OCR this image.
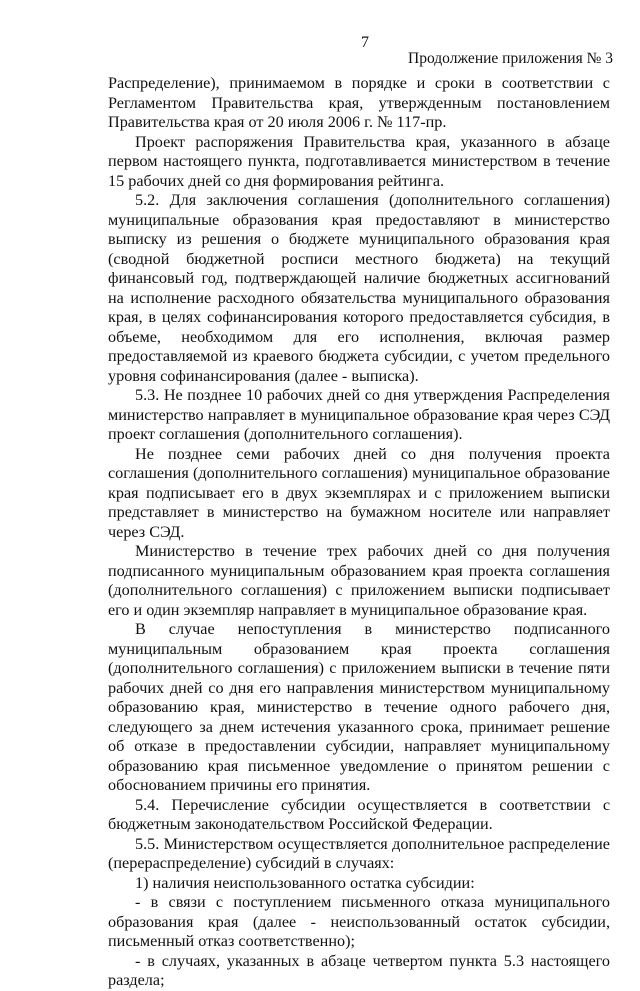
7
Продолжение приложения № 3

Распределение), принимаемом в порядке и сроки в соответствии с Регламентом Правительства края, утвержденным постановлением Правительства края от 20 июля 2006 г. № 117-пр.

Проект распоряжения Правительства края, указанного в абзаце первом настоящего пункта, подготавливается министерством в течение 15 рабочих дней со дня формирования рейтинга.

5.2. Для заключения соглашения (дополнительного соглашения) муниципальные образования края предоставляют в министерство выписку из решения о бюджете муниципального образования края (сводной бюджетной росписи местного бюджета) на текущий финансовый год, подтверждающей наличие бюджетных ассигнований на исполнение расходного обязательства муниципального образования края, в целях софинансирования которого предоставляется субсидия, в объеме, необходимом для его исполнения, включая размер предоставляемой из краевого бюджета субсидии, с учетом предельного уровня софинансирования (далее - выписка).

5.3. Не позднее 10 рабочих дней со дня утверждения Распределения министерство направляет в муниципальное образование края через СЭД проект соглашения (дополнительного соглашения).

Не позднее семи рабочих дней со дня получения проекта соглашения (дополнительного соглашения) муниципальное образование края подписывает его в двух экземплярах и с приложением выписки представляет в министерство на бумажном носителе или направляет через СЭД.

Министерство в течение трех рабочих дней со дня получения подписанного муниципальным образованием края проекта соглашения (дополнительного соглашения) с приложением выписки подписывает его и один экземпляр направляет в муниципальное образование края.

В случае непоступления в министерство подписанного муниципальным образованием края проекта соглашения (дополнительного соглашения) с приложением выписки в течение пяти рабочих дней со дня его направления министерством муниципальному образованию края, министерство в течение одного рабочего дня, следующего за днем истечения указанного срока, принимает решение об отказе в предоставлении субсидии, направляет муниципальному образованию края письменное уведомление о принятом решении с обоснованием причины его принятия.

5.4. Перечисление субсидии осуществляется в соответствии с бюджетным законодательством Российской Федерации.

5.5. Министерством осуществляется дополнительное распределение (перераспределение) субсидий в случаях:

1) наличия неиспользованного остатка субсидии:

- в связи с поступлением письменного отказа муниципального образования края (далее - неиспользованный остаток субсидии, письменный отказ соответственно);

- в случаях, указанных в абзаце четвертом пункта 5.3 настоящего раздела;
